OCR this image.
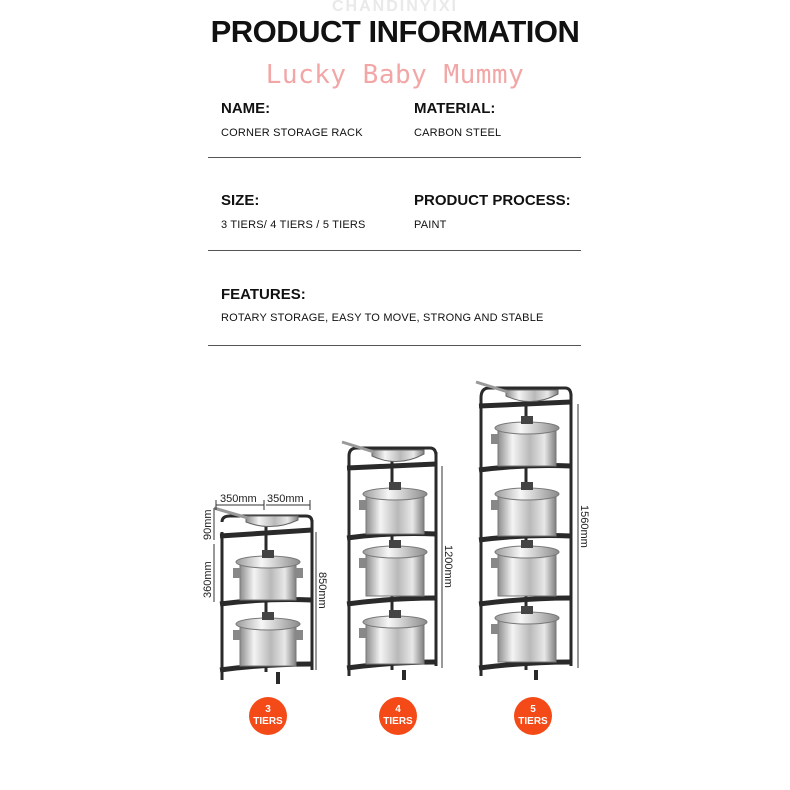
CHANDINYIXI
PRODUCT INFORMATION
Lucky Baby Mummy
NAME:
CORNER STORAGE RACK
MATERIAL:
CARBON STEEL
SIZE:
3 TIERS/ 4 TIERS / 5 TIERS
PRODUCT PROCESS:
PAINT
FEATURES:
ROTARY STORAGE, EASY TO MOVE, STRONG AND STABLE
350mm 350mm
90mm
360mm	850mm
1200mm
1560mm
3
TIERS
4
TIERS
5
TIERS
